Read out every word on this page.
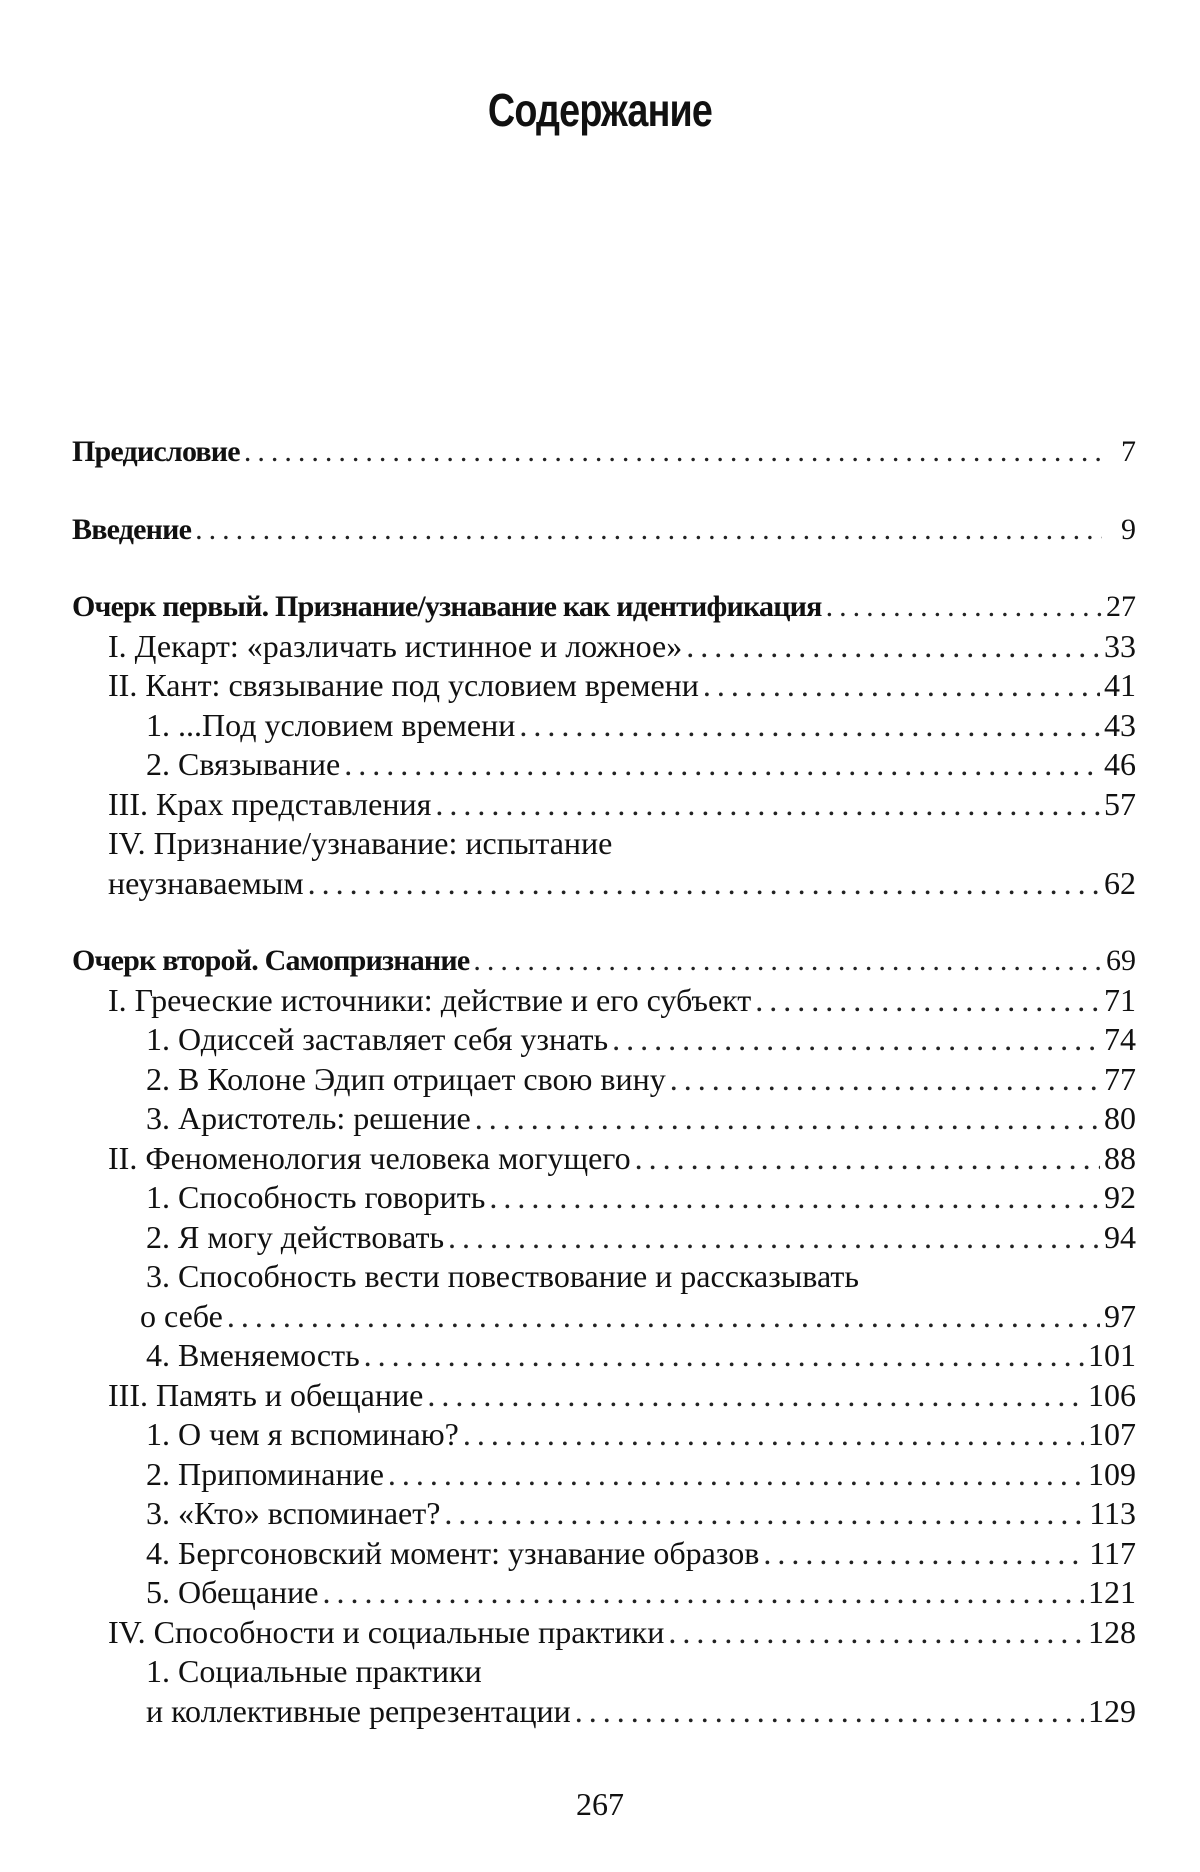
Содержание
Предисловие .....	7
Введение .....	9
Очерк первый. Признание/узнавание как идентификация .....	27
I. Декарт: «различать истинное и ложное» .....	33
II. Кант: связывание под условием времени .....	41
1. ...Под условием времени .....	43
2. Связывание .....	46
III. Крах представления .....	57
IV. Признание/узнавание: испытание
неузнаваемым .....	62
Очерк второй. Самопризнание .....	69
I. Греческие источники: действие и его субъект .....	71
1. Одиссей заставляет себя узнать .....	74
2. В Колоне Эдип отрицает свою вину .....	77
3. Аристотель: решение .....	80
II. Феноменология человека могущего .....	88
1. Способность говорить .....	92
2. Я могу действовать .....	94
3. Способность вести повествование и рассказывать
о себе .....	97
4. Вменяемость .....	101
III. Память и обещание .....	106
1. О чем я вспоминаю? .....	107
2. Припоминание .....	109
3. «Кто» вспоминает? .....	113
4. Бергсоновский момент: узнавание образов .....	117
5. Обещание .....	121
IV. Способности и социальные практики .....	128
1. Социальные практики
и коллективные репрезентации .....	129
267
